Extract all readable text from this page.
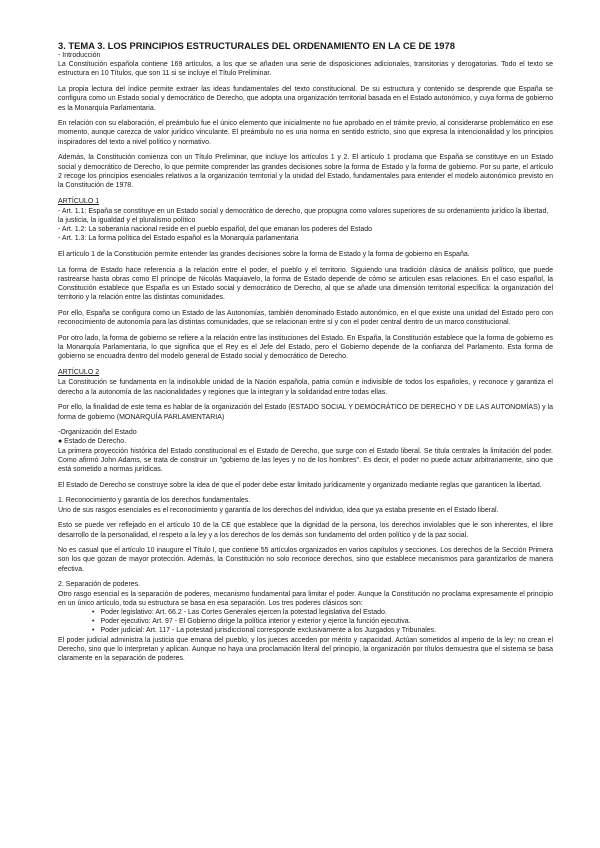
3. TEMA 3. LOS PRINCIPIOS ESTRUCTURALES DEL ORDENAMIENTO EN LA CE DE 1978
- Introducción

La Constitución española contiene 169 artículos, a los que se añaden una serie de disposiciones adicionales, transitorias y derogatorias. Todo el texto se estructura en 10 Títulos, que son 11 si se incluye el Título Preliminar.

La propia lectura del índice permite extraer las ideas fundamentales del texto constitucional. De su estructura y contenido se desprende que España se configura como un Estado social y democrático de Derecho, que adopta una organización territorial basada en el Estado autonómico, y cuya forma de gobierno es la Monarquía Parlamentaria.

En relación con su elaboración, el preámbulo fue el único elemento que inicialmente no fue aprobado en el trámite previo, al considerarse problemático en ese momento, aunque carezca de valor jurídico vinculante. El preámbulo no es una norma en sentido estricto, sino que expresa la intencionalidad y los principios inspiradores del texto a nivel político y normativo.

Además, la Constitución comienza con un Título Preliminar, que incluye los artículos 1 y 2. El artículo 1 proclama que España se constituye en un Estado social y democrático de Derecho, lo que permite comprender las grandes decisiones sobre la forma de Estado y la forma de gobierno. Por su parte, el artículo 2 recoge los principios esenciales relativos a la organización territorial y la unidad del Estado, fundamentales para entender el modelo autonómico previsto en la Constitución de 1978.

ARTÍCULO 1
- Art. 1.1: España se constituye en un Estado social y democrático de derecho, que propugna como valores superiores de su ordenamiento jurídico la libertad, la justicia, la igualdad y el pluralismo político
- Art. 1.2: La soberanía nacional reside en el pueblo español, del que emanan los poderes del Estado
- Art. 1.3: La forma política del Estado español es la Monarquía parlamentaria

El artículo 1 de la Constitución permite entender las grandes decisiones sobre la forma de Estado y la forma de gobierno en España.

La forma de Estado hace referencia a la relación entre el poder, el pueblo y el territorio. Siguiendo una tradición clásica de análisis político, que puede rastrearse hasta obras como El príncipe de Nicolás Maquiavelo, la forma de Estado depende de cómo se articulen esas relaciones. En el caso español, la Constitución establece que España es un Estado social y democrático de Derecho, al que se añade una dimensión territorial específica: la organización del territorio y la relación entre las distintas comunidades.

Por ello, España se configura como un Estado de las Autonomías, también denominado Estado autonómico, en el que existe una unidad del Estado pero con reconocimiento de autonomía para las distintas comunidades, que se relacionan entre sí y con el poder central dentro de un marco constitucional.

Por otro lado, la forma de gobierno se refiere a la relación entre las instituciones del Estado. En España, la Constitución establece que la forma de gobierno es la Monarquía Parlamentaria, lo que significa que el Rey es el Jefe del Estado, pero el Gobierno depende de la confianza del Parlamento. Esta forma de gobierno se encuadra dentro del modelo general de Estado social y democrático de Derecho.

ARTÍCULO 2

La Constitución se fundamenta en la indisoluble unidad de la Nación española, patria común e indivisible de todos los españoles, y reconoce y garantiza el derecho a la autonomía de las nacionalidades y regiones que la integran y la solidaridad entre todas ellas.

Por ello, la finalidad de este tema es hablar de la organización del Estado (ESTADO SOCIAL Y DEMOCRÁTICO DE DERECHO Y DE LAS AUTONOMÍAS) y la forma de gobierno (MONARQUÍA PARLAMENTARIA)

-Organización del Estado
● Estado de Derecho.

La primera proyección histórica del Estado constitucional es el Estado de Derecho, que surge con el Estado liberal. Se titula centrales la limitación del poder. Como afirmó John Adams, se trata de construir un "gobierno de las leyes y no de los hombres". Es decir, el poder no puede actuar arbitrariamente, sino que está sometido a normas jurídicas.

El Estado de Derecho se construye sobre la idea de que el poder debe estar limitado jurídicamente y organizado mediante reglas que garanticen la libertad.

1. Reconocimiento y garantía de los derechos fundamentales.

Uno de sus rasgos esenciales es el reconocimiento y garantía de los derechos del individuo, idea que ya estaba presente en el Estado liberal.

Esto se puede ver reflejado en el artículo 10 de la CE que establece que la dignidad de la persona, los derechos inviolables que le son inherentes, el libre desarrollo de la personalidad, el respeto a la ley y a los derechos de los demás son fundamento del orden político y de la paz social.

No es casual que el artículo 10 inaugure el Título I, que contiene 55 artículos organizados en varios capítulos y secciones. Los derechos de la Sección Primera son los que gozan de mayor protección. Además, la Constitución no solo reconoce derechos, sino que establece mecanismos para garantizarlos de manera efectiva.

2. Separación de poderes.

Otro rasgo esencial es la separación de poderes, mecanismo fundamental para limitar el poder. Aunque la Constitución no proclama expresamente el principio en un único artículo, toda su estructura se basa en esa separación. Los tres poderes clásicos son:

• Poder legislativo: Art. 66.2 - Las Cortes Generales ejercen la potestad legislativa del Estado.
• Poder ejecutivo: Art. 97 - El Gobierno dirige la política interior y exterior y ejerce la función ejecutiva.
• Poder judicial: Art. 117 - La potestad jurisdiccional corresponde exclusivamente a los Juzgados y Tribunales.

El poder judicial administra la justicia que emana del pueblo, y los jueces acceden por mérito y capacidad. Actúan sometidos al imperio de la ley: no crean el Derecho, sino que lo interpretan y aplican. Aunque no haya una proclamación literal del principio, la organización por títulos demuestra que el sistema se basa claramente en la separación de poderes.
